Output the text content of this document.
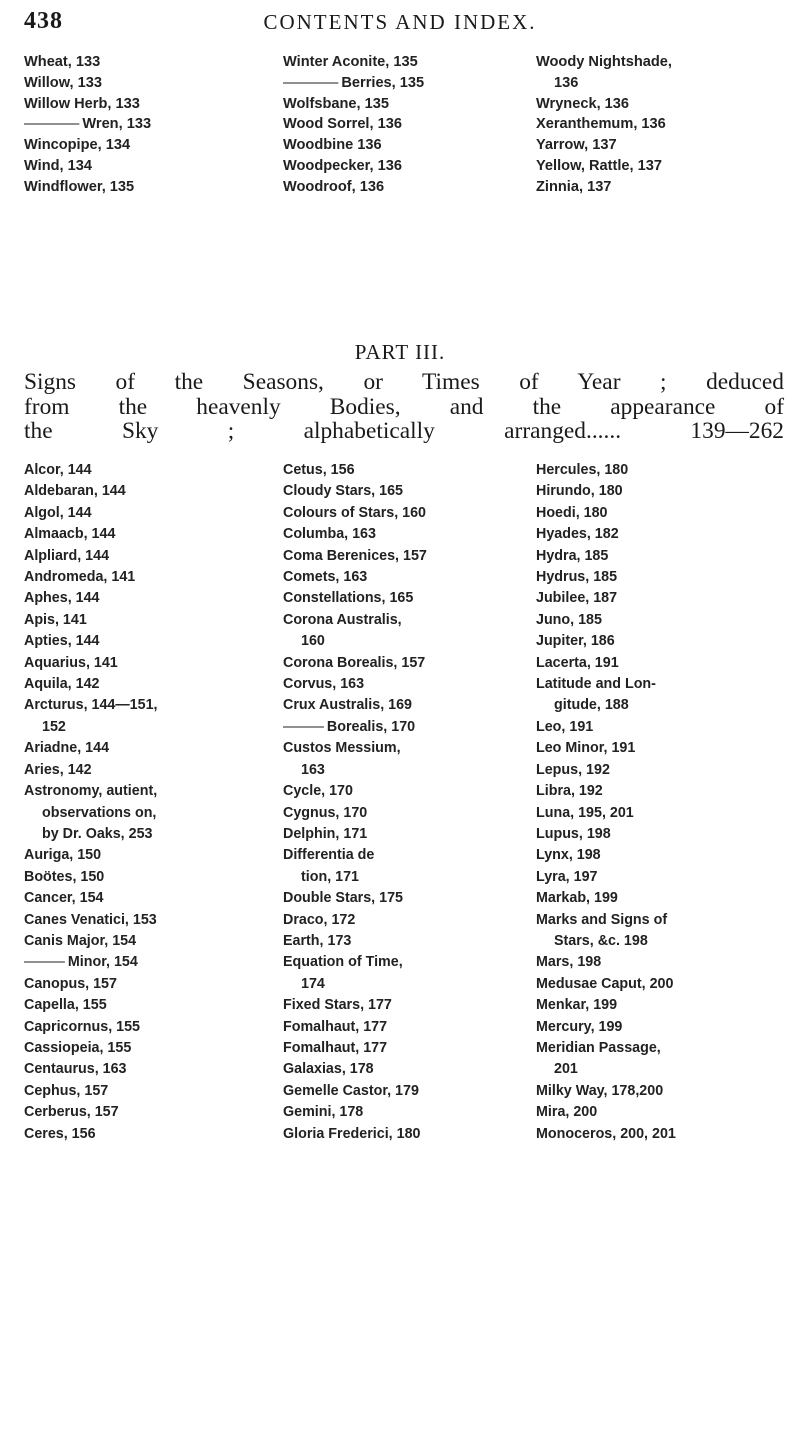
438	CONTENTS AND INDEX.
Wheat, 133
Willow, 133
Willow Herb, 133
———— Wren, 133
Wincopipe, 134
Wind, 134
Windflower, 135
Winter Aconite, 135
———— Berries, 135
Wolfsbane, 135
Wood Sorrel, 136
Woodbine 136
Woodpecker, 136
Woodroof, 136
Woody Nightshade,
136
Wryneck, 136
Xeranthemum, 136
Yarrow, 137
Yellow, Rattle, 137
Zinnia, 137
PART III.
Signs of the Seasons, or Times of Year ; deduced
from the heavenly Bodies, and the appearance of
the Sky ; alphabetically arranged...... 139—262
Alcor, 144
Aldebaran, 144
Algol, 144
Almaacb, 144
Alpliard, 144
Andromeda, 141
Aphes, 144
Apis, 141
Apties, 144
Aquarius, 141
Aquila, 142
Arcturus, 144—151,
152
Ariadne, 144
Aries, 142
Astronomy, autient,
observations on,
by Dr. Oaks, 253
Auriga, 150
Boötes, 150
Cancer, 154
Canes Venatici, 153
Canis Major, 154
——— Minor, 154
Canopus, 157
Capella, 155
Capricornus, 155
Cassiopeia, 155
Centaurus, 163
Cephus, 157
Cerberus, 157
Ceres, 156
Cetus, 156
Cloudy Stars, 165
Colours of Stars, 160
Columba, 163
Coma Berenices, 157
Comets, 163
Constellations, 165
Corona Australis,
160
Corona Borealis, 157
Corvus, 163
Crux Australis, 169
——— Borealis, 170
Custos Messium,
163
Cycle, 170
Cygnus, 170
Delphin, 171
Differentia de
tion, 171
Double Stars, 175
Draco, 172
Earth, 173
Equation of Time,
174
Fixed Stars, 177
Fomalhaut, 177
Fomalhaut, 177
Galaxias, 178
Gemelle Castor, 179
Gemini, 178
Gloria Frederici, 180
Hercules, 180
Hirundo, 180
Hoedi, 180
Hyades, 182
Hydra, 185
Hydrus, 185
Jubilee, 187
Juno, 185
Jupiter, 186
Lacerta, 191
Latitude and Lon-
gitude, 188
Leo, 191
Leo Minor, 191
Lepus, 192
Libra, 192
Luna, 195, 201
Lupus, 198
Lynx, 198
Lyra, 197
Markab, 199
Marks and Signs of
Stars, &c. 198
Mars, 198
Medusae Caput, 200
Menkar, 199
Mercury, 199
Meridian Passage,
201
Milky Way, 178,200
Mira, 200
Monoceros, 200, 201
